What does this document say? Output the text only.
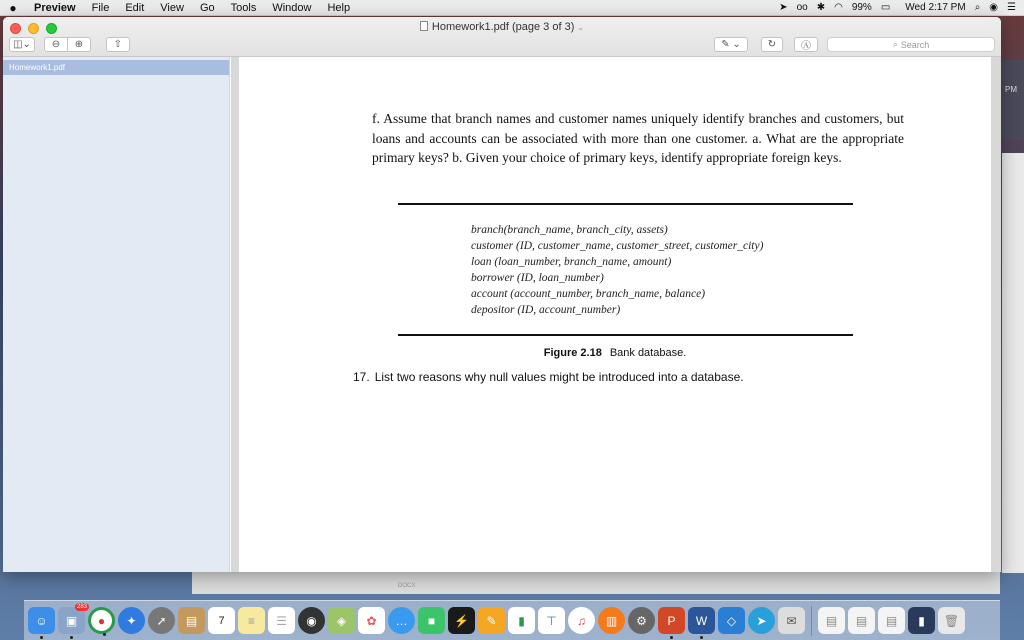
●	Preview	File	Edit	View	Go	Tools	Window	Help	➤ oo ✱ ◠ 99% ▭ Wed 2:17 PM ⌕ ◉ ☰
PM
DOCX
Homework1.pdf (page 3 of 3) ⌄
◫⌄ ⊖ ⊕	⇧	✎ ⌄	↻ Ⓐ	⌕ Search
Homework1.pdf
f. Assume that branch names and customer names uniquely identify branches and customers, but loans and accounts can be associated with more than one customer. a. What are the appropriate primary keys? b. Given your choice of primary keys, identify appropriate foreign keys.
branch(branch_name, branch_city, assets)
customer (ID, customer_name, customer_street, customer_city)
loan (loan_number, branch_name, amount)
borrower (ID, loan_number)
account (account_number, branch_name, balance)
depositor (ID, account_number)
Figure 2.18 Bank database.
17. List two reasons why null values might be introduced into a database.
☺	▣
283
●	✦	➚	▤	7	≡	☰	◉	◈	✿	…	■	⚡	✎	▮	⊤	♫	▥	⚙	P	W	◇	➤	✉	▤	▤	▤	▮	🗑
